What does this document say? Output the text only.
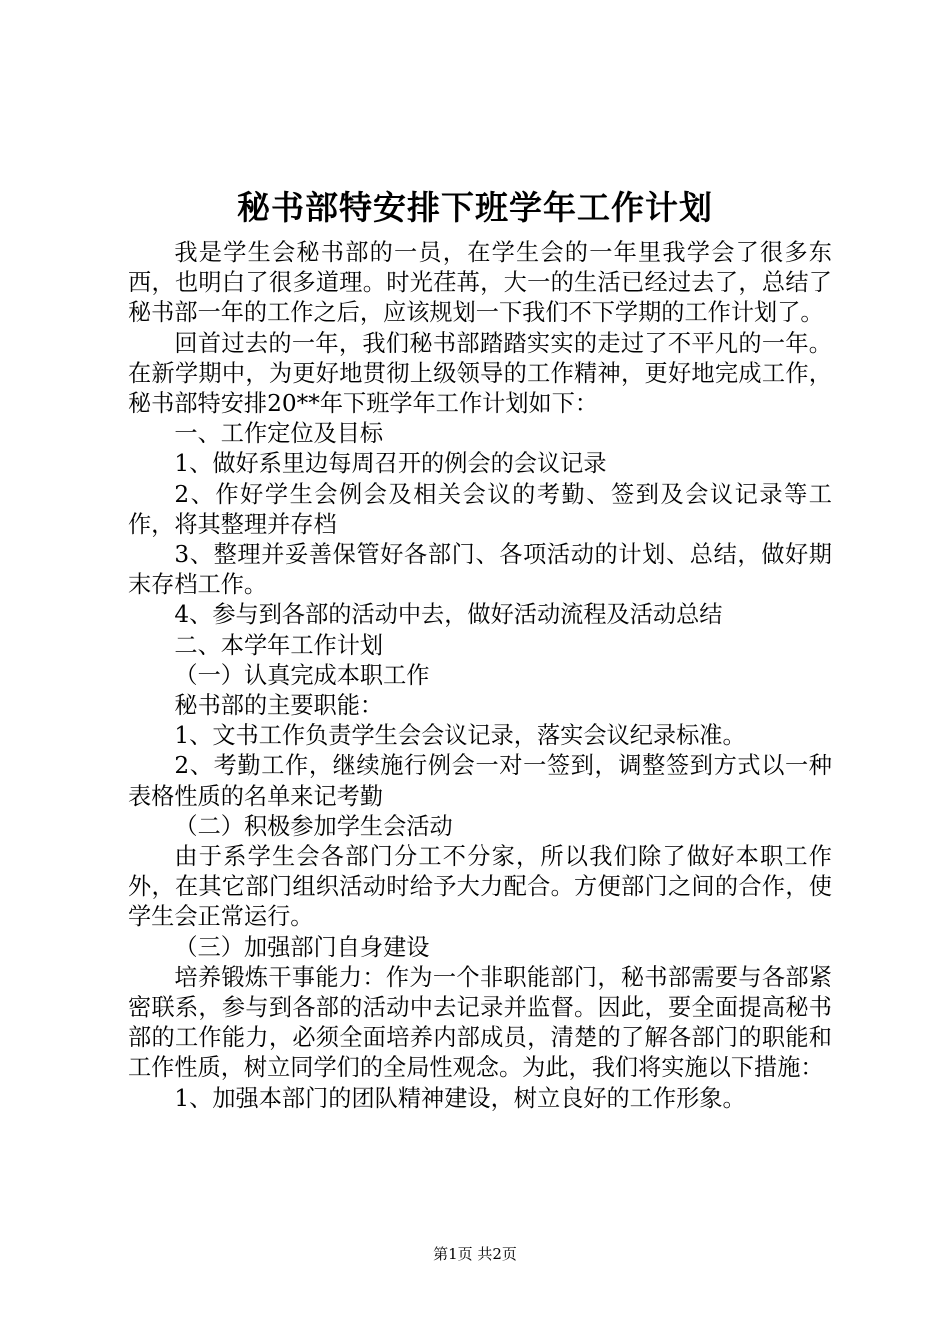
秘书部特安排下班学年工作计划

我是学生会秘书部的一员，在学生会的一年里我学会了很多东西，也明白了很多道理。时光荏苒，大一的生活已经过去了，总结了秘书部一年的工作之后，应该规划一下我们不下学期的工作计划了。

回首过去的一年，我们秘书部踏踏实实的走过了不平凡的一年。在新学期中，为更好地贯彻上级领导的工作精神，更好地完成工作，秘书部特安排20**年下班学年工作计划如下：

一、工作定位及目标

1、做好系里边每周召开的例会的会议记录

2、作好学生会例会及相关会议的考勤、签到及会议记录等工作，将其整理并存档

3、整理并妥善保管好各部门、各项活动的计划、总结，做好期末存档工作。

4、参与到各部的活动中去，做好活动流程及活动总结

二、本学年工作计划

（一）认真完成本职工作

秘书部的主要职能：

1、文书工作负责学生会会议记录，落实会议纪录标准。

2、考勤工作，继续施行例会一对一签到，调整签到方式以一种表格性质的名单来记考勤

（二）积极参加学生会活动

由于系学生会各部门分工不分家，所以我们除了做好本职工作外，在其它部门组织活动时给予大力配合。方便部门之间的合作，使学生会正常运行。

（三）加强部门自身建设

培养锻炼干事能力：作为一个非职能部门，秘书部需要与各部紧密联系，参与到各部的活动中去记录并监督。因此，要全面提高秘书部的工作能力，必须全面培养内部成员，清楚的了解各部门的职能和工作性质，树立同学们的全局性观念。为此，我们将实施以下措施：

1、加强本部门的团队精神建设，树立良好的工作形象。

第1页 共2页
